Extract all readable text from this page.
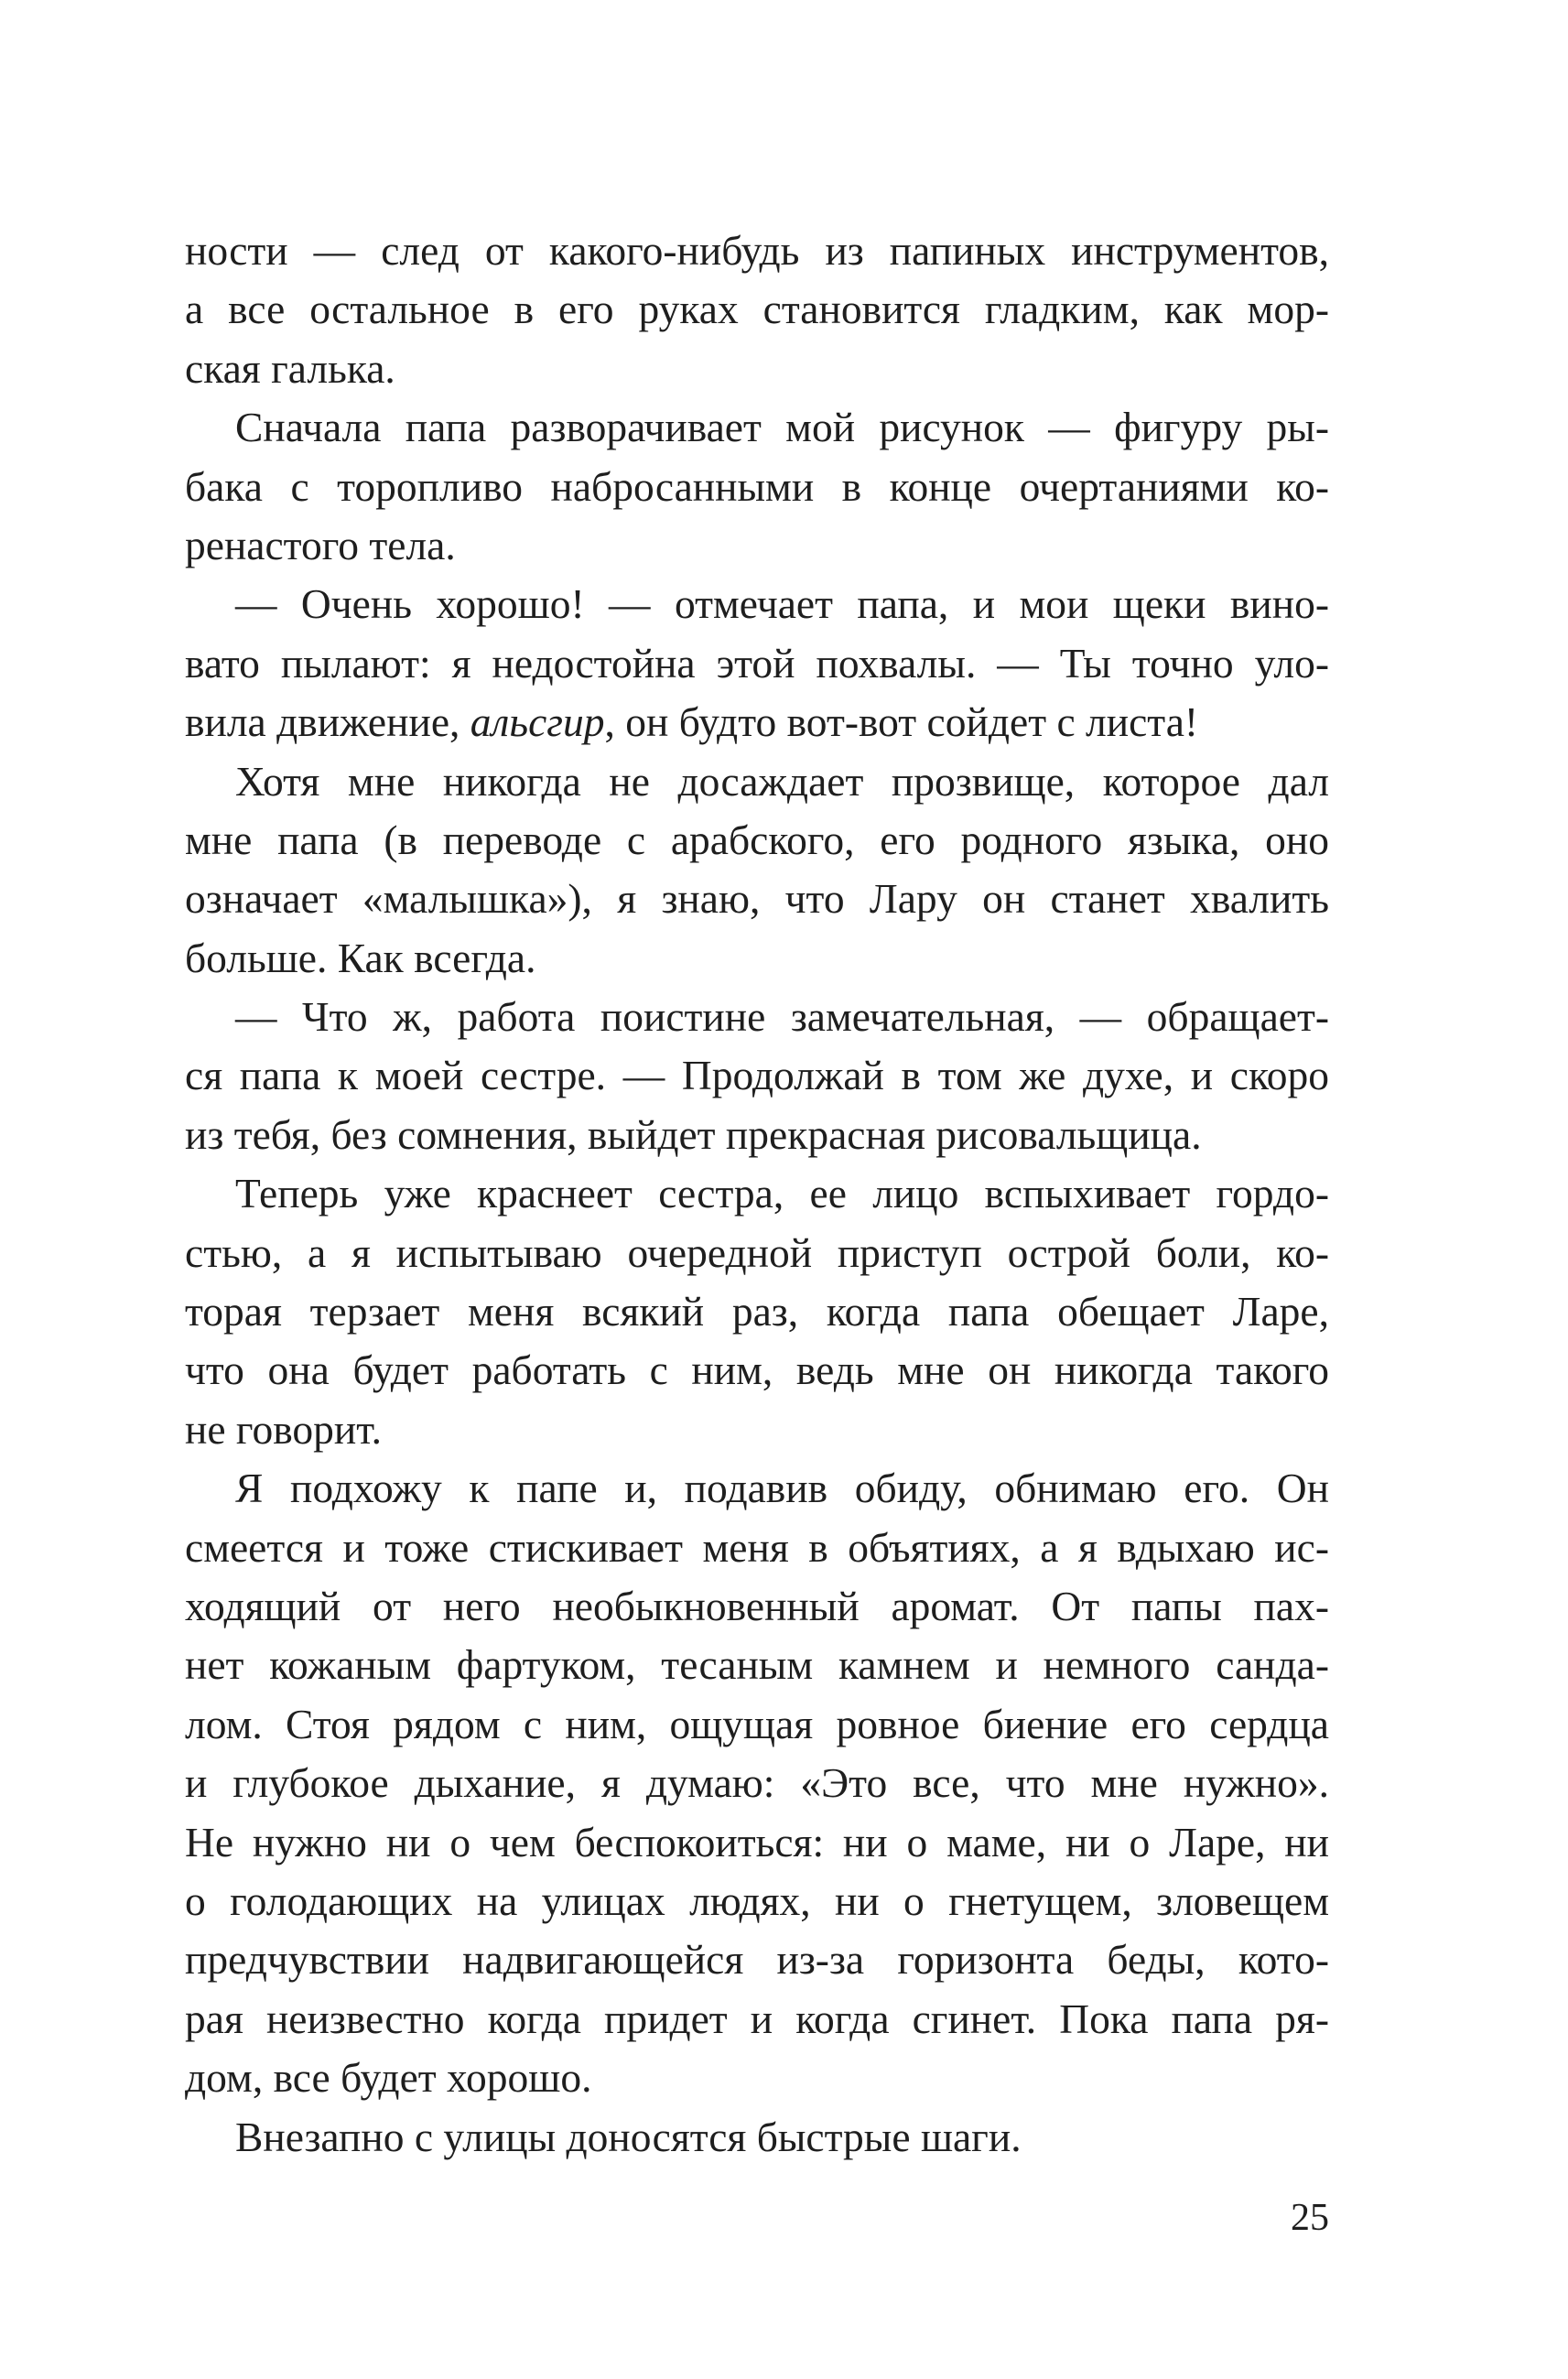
ности — след от какого-нибудь из папиных инструментов,
а все остальное в его руках становится гладким, как мор-
ская галька.
Сначала папа разворачивает мой рисунок — фигуру ры-
бака с торопливо набросанными в конце очертаниями ко-
ренастого тела.
— Очень хорошо! — отмечает папа, и мои щеки вино-
вато пылают: я недостойна этой похвалы. — Ты точно уло-
вила движение, альсгир, он будто вот-вот сойдет с листа!
Хотя мне никогда не досаждает прозвище, которое дал
мне папа (в переводе с арабского, его родного языка, оно
означает «малышка»), я знаю, что Лару он станет хвалить
больше. Как всегда.
— Что ж, работа поистине замечательная, — обращает-
ся папа к моей сестре. — Продолжай в том же духе, и скоро
из тебя, без сомнения, выйдет прекрасная рисовальщица.
Теперь уже краснеет сестра, ее лицо вспыхивает гордо-
стью, а я испытываю очередной приступ острой боли, ко-
торая терзает меня всякий раз, когда папа обещает Ларе,
что она будет работать с ним, ведь мне он никогда такого
не говорит.
Я подхожу к папе и, подавив обиду, обнимаю его. Он
смеется и тоже стискивает меня в объятиях, а я вдыхаю ис-
ходящий от него необыкновенный аромат. От папы пах-
нет кожаным фартуком, тесаным камнем и немного санда-
лом. Стоя рядом с ним, ощущая ровное биение его сердца
и глубокое дыхание, я думаю: «Это все, что мне нужно».
Не нужно ни о чем беспокоиться: ни о маме, ни о Ларе, ни
о голодающих на улицах людях, ни о гнетущем, зловещем
предчувствии надвигающейся из-за горизонта беды, кото-
рая неизвестно когда придет и когда сгинет. Пока папа ря-
дом, все будет хорошо.
Внезапно с улицы доносятся быстрые шаги.
25
